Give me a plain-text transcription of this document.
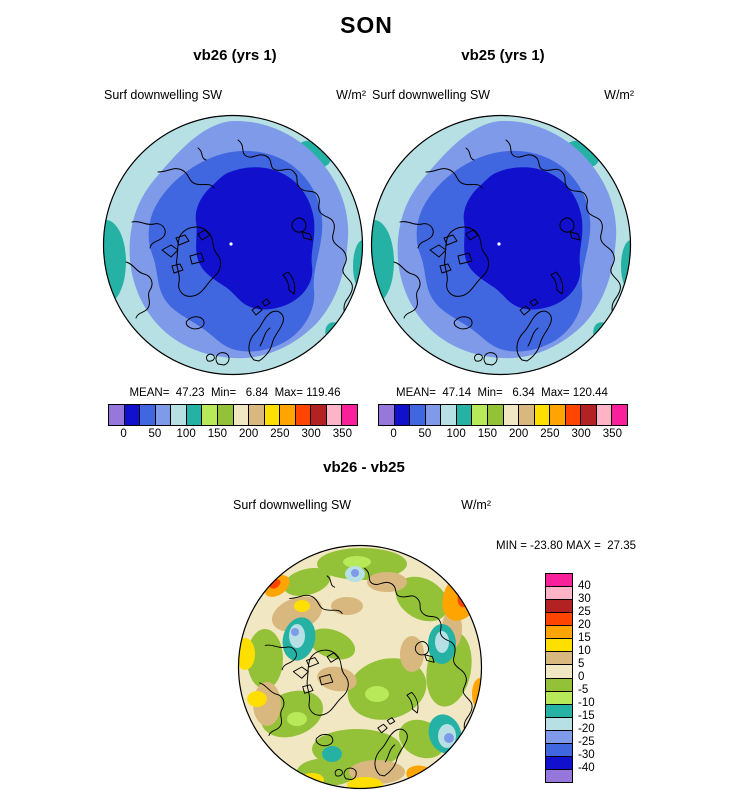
SON
vb26 (yrs 1)	vb25 (yrs 1)
Surf downwelling SW	W/m² Surf downwelling SW	W/m²
MEAN=  47.23  Min=   6.84  Max= 119.46	MEAN=  47.14  Min=   6.34  Max= 120.44
0 50 100 150 200 250 300 350	0 50 100 150 200 250 300 350
vb26 - vb25
Surf downwelling SW	W/m²
MIN = -23.80 MAX =  27.35
40
30
25
20
15
10
5
0
-5
-10
-15
-20
-25
-30
-40
